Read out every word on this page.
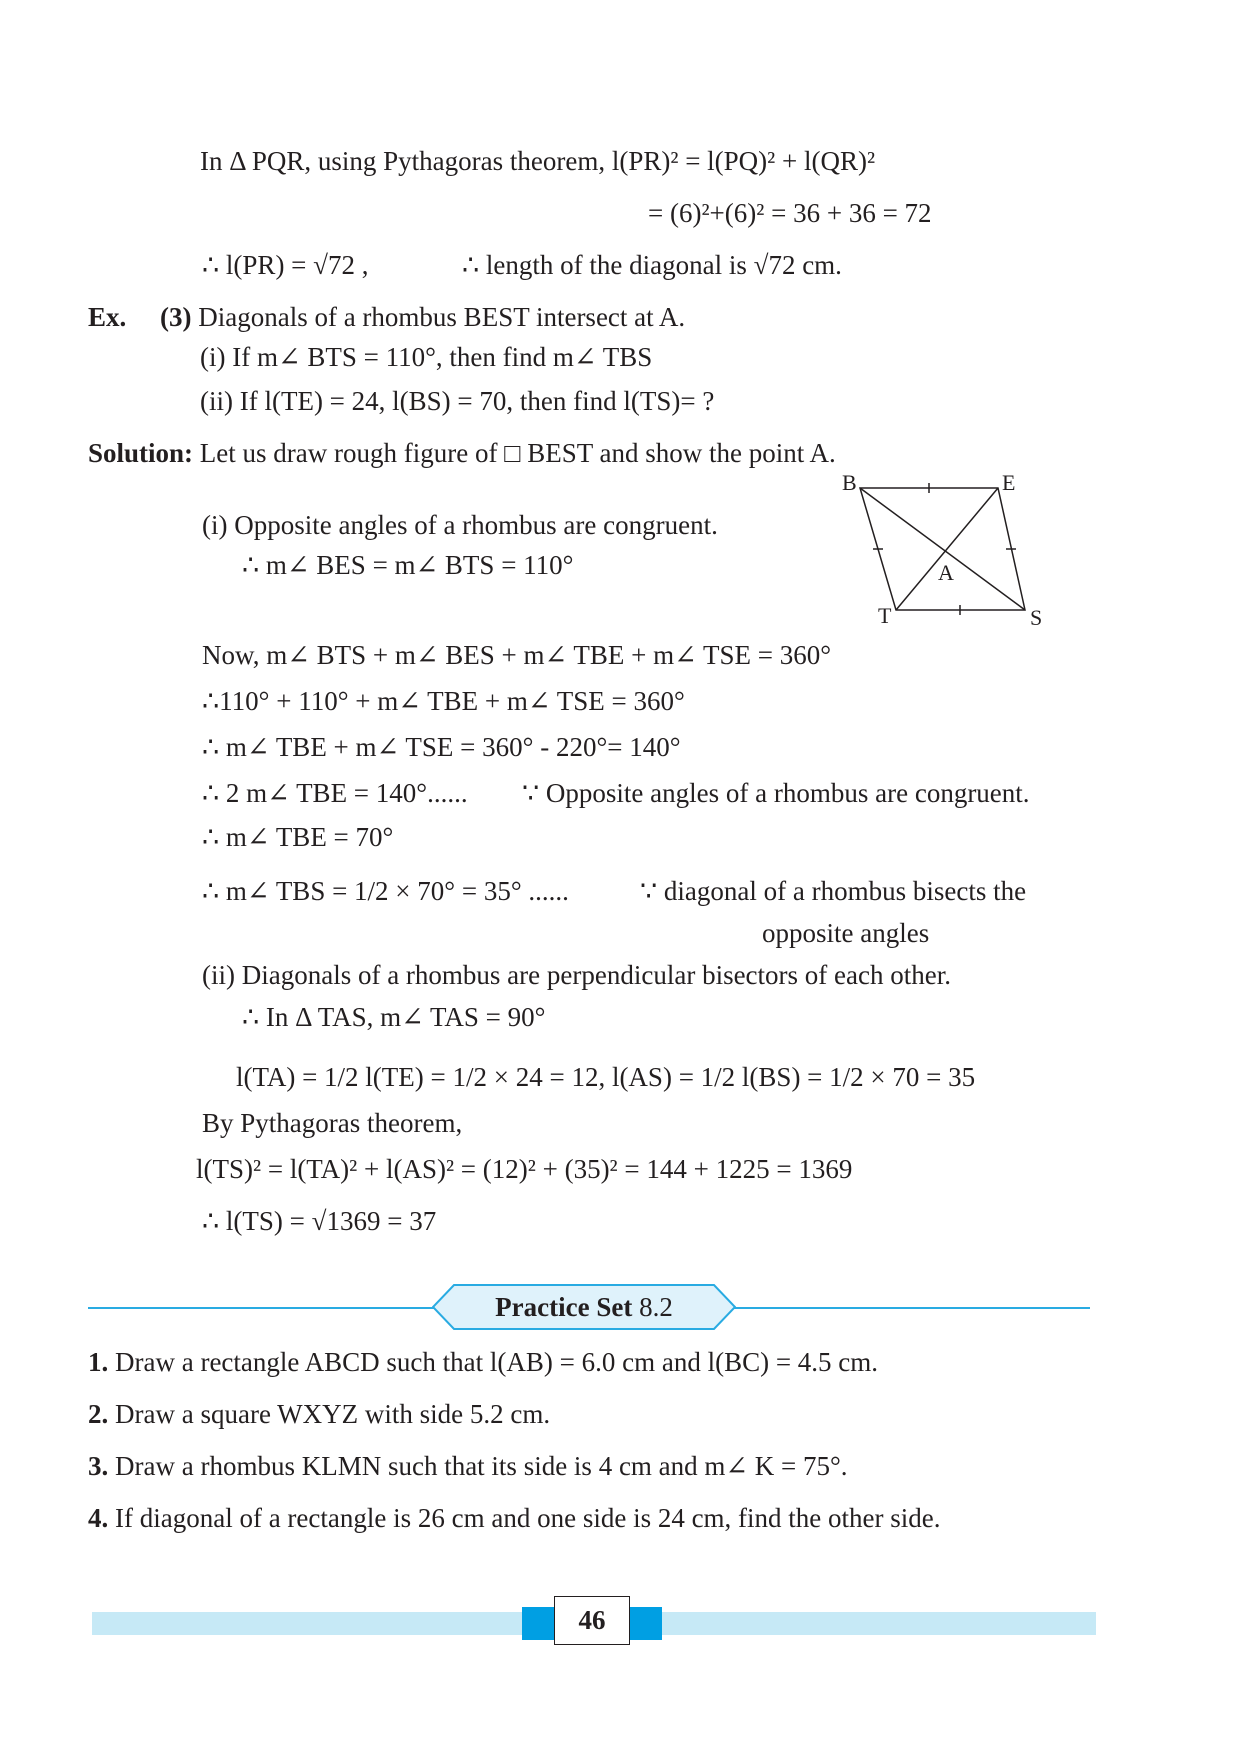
In Δ PQR, using Pythagoras theorem, l(PR)² = l(PQ)² + l(QR)²
= (6)²+(6)² = 36 + 36 = 72
∴ l(PR) = √72 ,	∴ length of the diagonal is √72 cm.
Ex. (3) Diagonals of a rhombus BEST intersect at A.
(i) If m∠ BTS = 110°, then find m∠ TBS
(ii) If l(TE) = 24, l(BS) = 70, then find l(TS)= ?
Solution: Let us draw rough figure of □ BEST and show the point A.
B	E
A
T	S
(i) Opposite angles of a rhombus are congruent.
∴ m∠ BES = m∠ BTS = 110°
Now, m∠ BTS + m∠ BES + m∠ TBE + m∠ TSE = 360°
∴110° + 110° + m∠ TBE + m∠ TSE = 360°
∴ m∠ TBE + m∠ TSE = 360° - 220°= 140°
∴ 2 m∠ TBE = 140°...... ∵ Opposite angles of a rhombus are congruent.
∴ m∠ TBE = 70°
∴ m∠ TBS = 1/2 × 70° = 35° ......	∵ diagonal of a rhombus bisects the
opposite angles
(ii) Diagonals of a rhombus are perpendicular bisectors of each other.
∴ In Δ TAS, m∠ TAS = 90°
l(TA) = 1/2 l(TE) = 1/2 × 24 = 12, l(AS) = 1/2 l(BS) = 1/2 × 70 = 35
By Pythagoras theorem,
l(TS)² = l(TA)² + l(AS)² = (12)² + (35)² = 144 + 1225 = 1369
∴ l(TS) = √1369 = 37
Practice Set 8.2
1. Draw a rectangle ABCD such that l(AB) = 6.0 cm and l(BC) = 4.5 cm.
2. Draw a square WXYZ with side 5.2 cm.
3. Draw a rhombus KLMN such that its side is 4 cm and m∠ K = 75°.
4. If diagonal of a rectangle is 26 cm and one side is 24 cm, find the other side.
46
